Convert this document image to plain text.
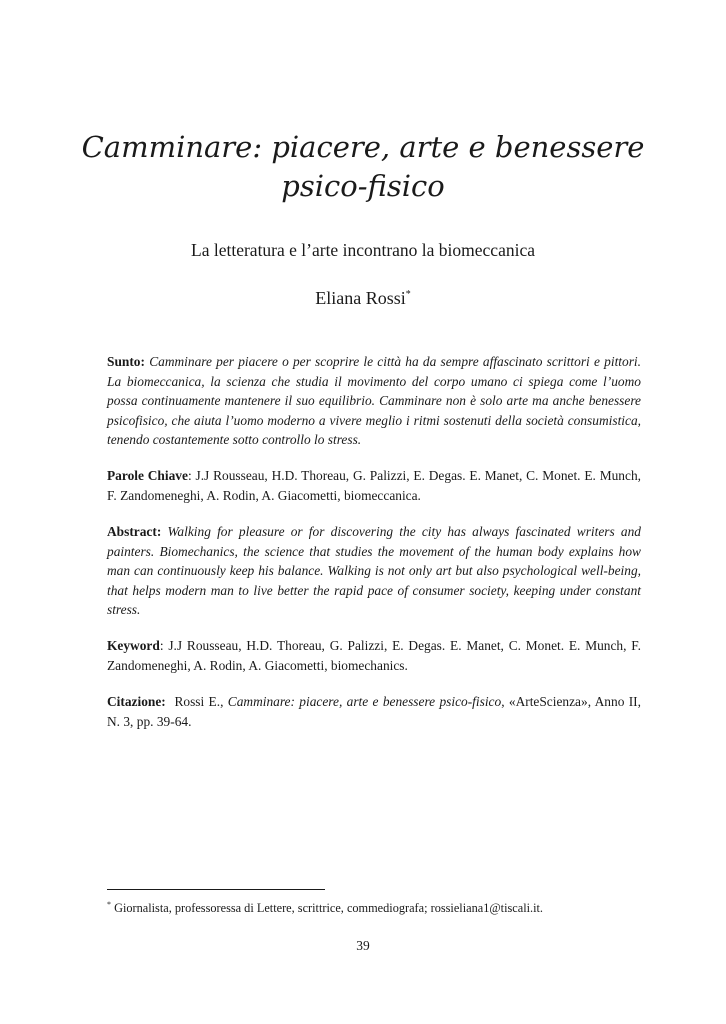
Camminare: piacere, arte e benessere psico-fisico
La letteratura e l’arte incontrano la biomeccanica
Eliana Rossi*
Sunto: Camminare per piacere o per scoprire le città ha da sempre affascinato scrittori e pittori. La biomeccanica, la scienza che studia il movimento del corpo umano ci spiega come l’uomo possa continuamente mantenere il suo equilibrio. Camminare non è solo arte ma anche benessere psicofisico, che aiuta l’uomo moderno a vivere meglio i ritmi sostenuti della società consumistica, tenendo costantemente sotto controllo lo stress.
Parole Chiave: J.J Rousseau, H.D. Thoreau, G. Palizzi, E. Degas. E. Manet, C. Monet. E. Munch, F. Zandomeneghi, A. Rodin, A. Giacometti, biomeccanica.
Abstract: Walking for pleasure or for discovering the city has always fascinated writers and painters. Biomechanics, the science that studies the movement of the human body explains how man can continuously keep his balance. Walking is not only art but also psychological well-being, that helps modern man to live better the rapid pace of consumer society, keeping under constant stress.
Keyword: J.J Rousseau, H.D. Thoreau, G. Palizzi, E. Degas. E. Manet, C. Monet. E. Munch, F. Zandomeneghi, A. Rodin, A. Giacometti, biomechanics.
Citazione: Rossi E., Camminare: piacere, arte e benessere psico-fisico, «ArteScienza», Anno II, N. 3, pp. 39-64.
* Giornalista, professoressa di Lettere, scrittrice, commediografa; rossieliana1@tiscali.it.
39
